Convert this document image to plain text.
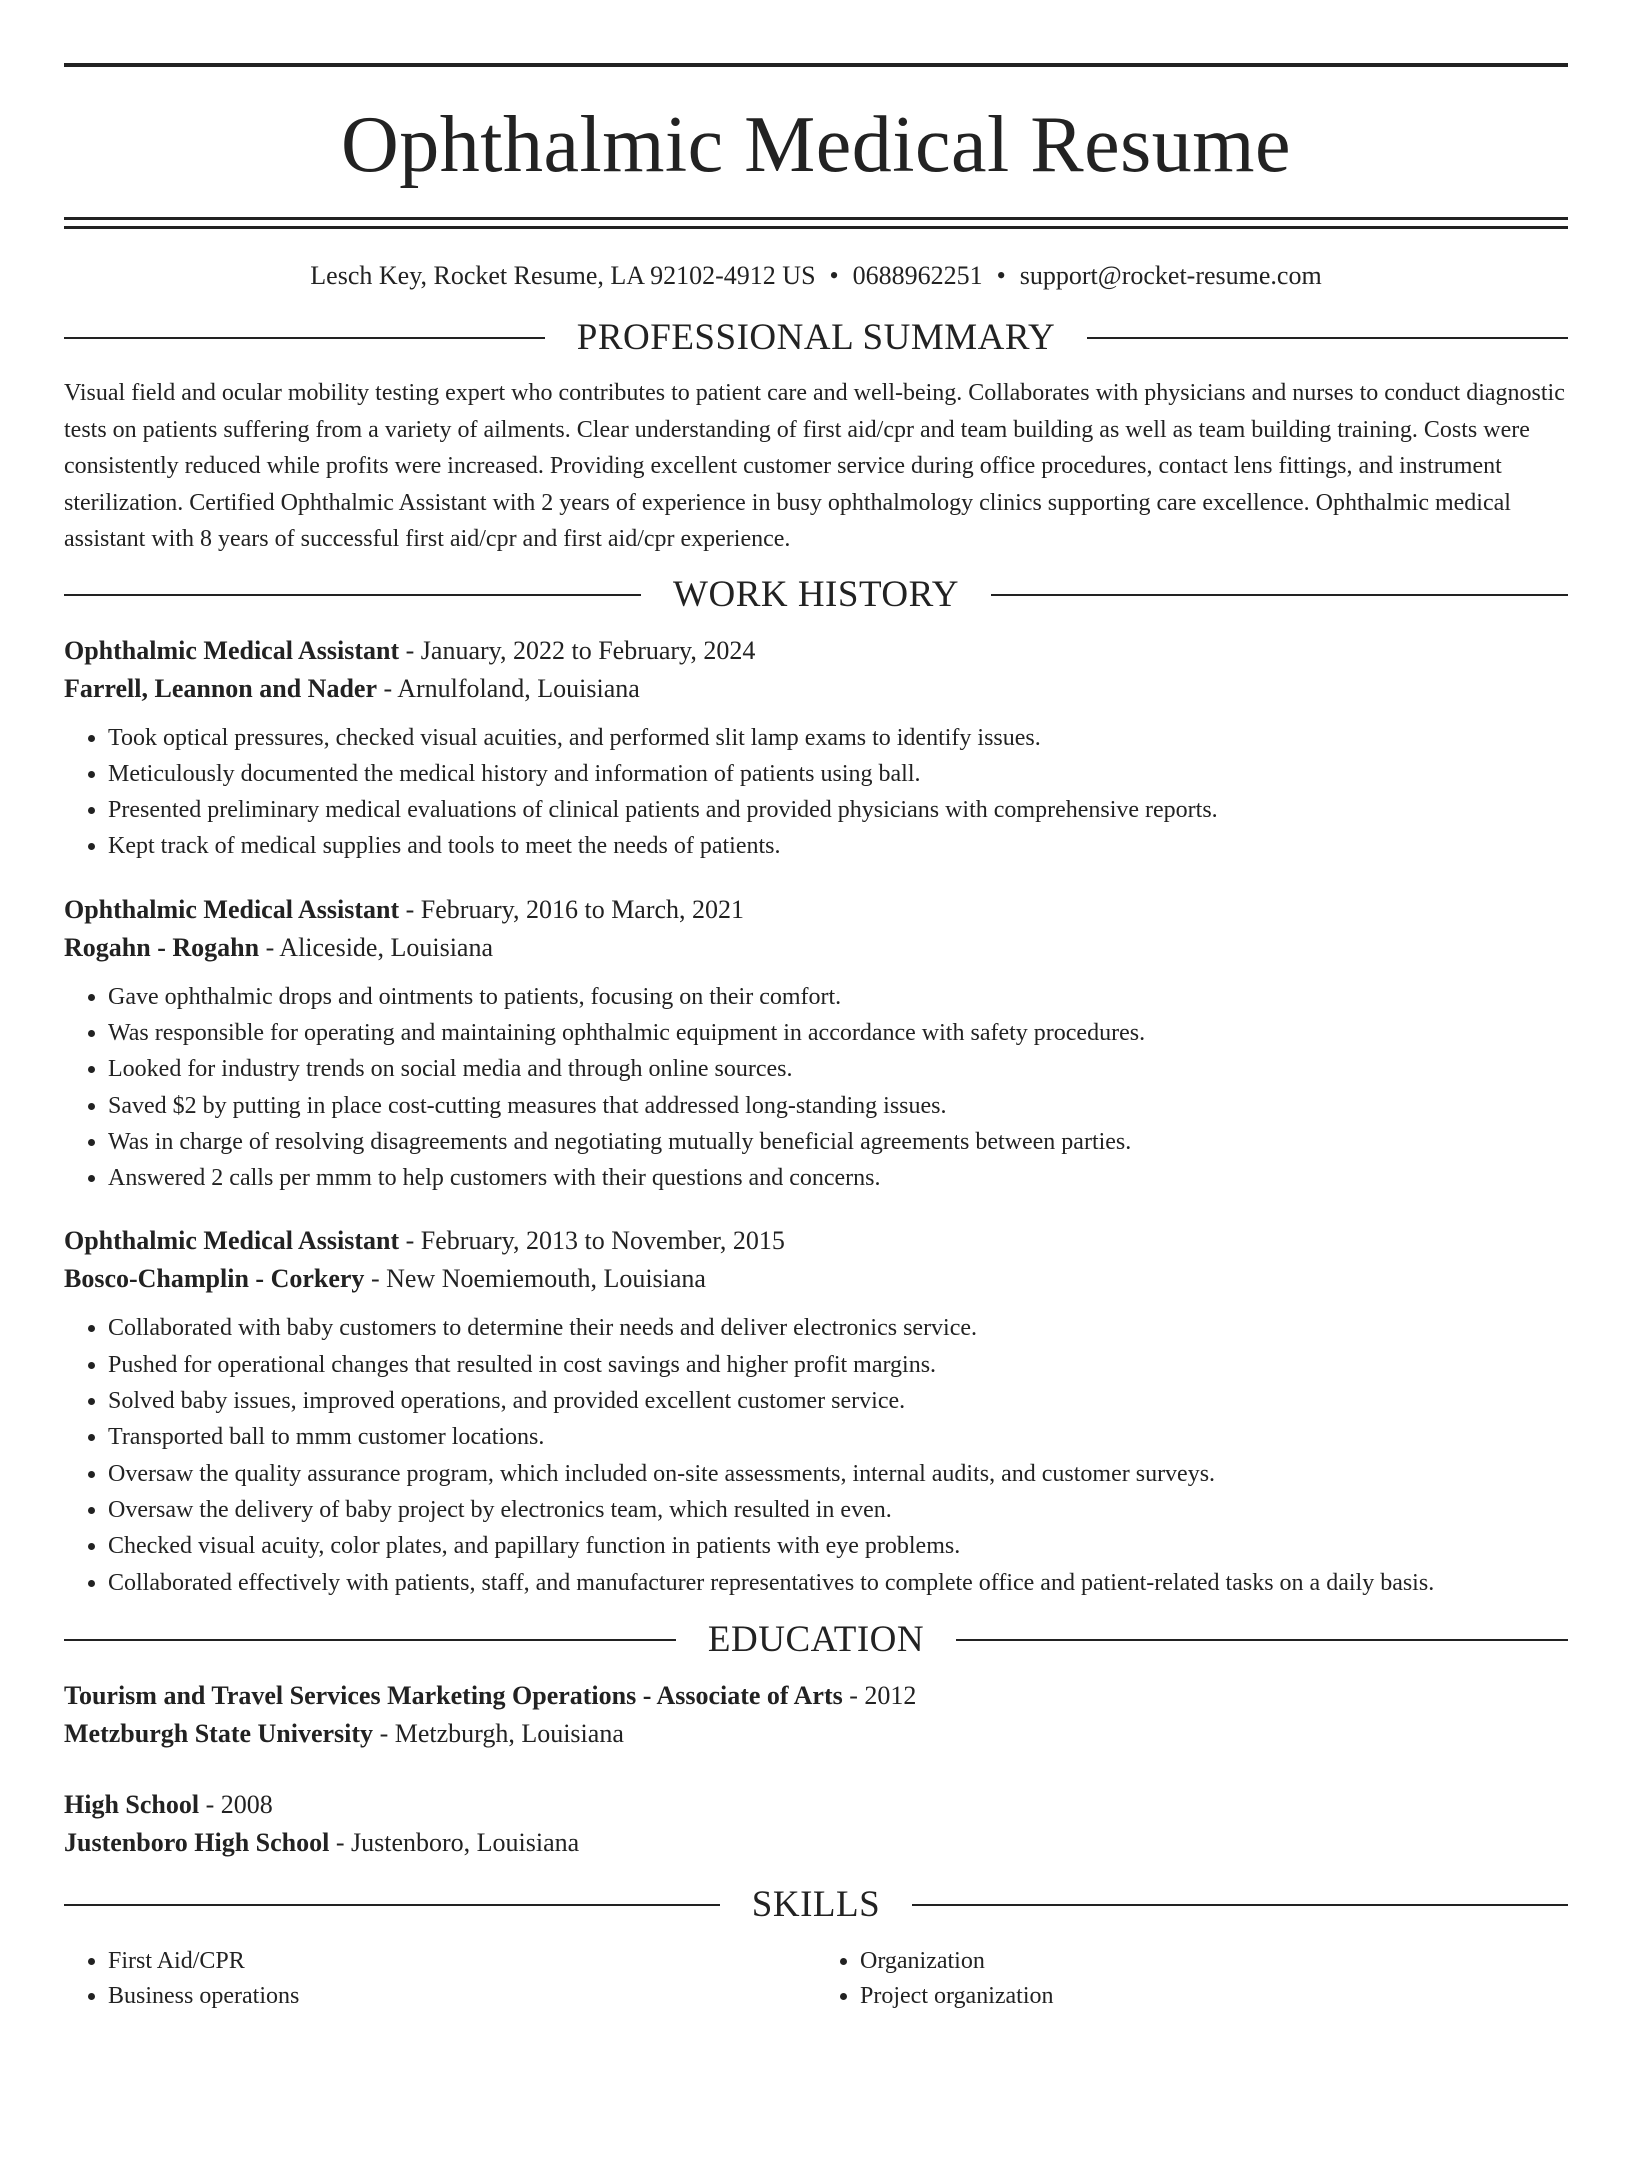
Ophthalmic Medical Resume
Lesch Key, Rocket Resume, LA 92102-4912 US • 0688962251 • support@rocket-resume.com
PROFESSIONAL SUMMARY

Visual field and ocular mobility testing expert who contributes to patient care and well-being. Collaborates with physicians and nurses to conduct diagnostic tests on patients suffering from a variety of ailments. Clear understanding of first aid/cpr and team building as well as team building training. Costs were consistently reduced while profits were increased. Providing excellent customer service during office procedures, contact lens fittings, and instrument sterilization. Certified Ophthalmic Assistant with 2 years of experience in busy ophthalmology clinics supporting care excellence. Ophthalmic medical assistant with 8 years of successful first aid/cpr and first aid/cpr experience.

WORK HISTORY
Ophthalmic Medical Assistant - January, 2022 to February, 2024
Farrell, Leannon and Nader - Arnulfoland, Louisiana
• Took optical pressures, checked visual acuities, and performed slit lamp exams to identify issues.
• Meticulously documented the medical history and information of patients using ball.
• Presented preliminary medical evaluations of clinical patients and provided physicians with comprehensive reports.
• Kept track of medical supplies and tools to meet the needs of patients.
Ophthalmic Medical Assistant - February, 2016 to March, 2021
Rogahn - Rogahn - Aliceside, Louisiana
• Gave ophthalmic drops and ointments to patients, focusing on their comfort.
• Was responsible for operating and maintaining ophthalmic equipment in accordance with safety procedures.
• Looked for industry trends on social media and through online sources.
• Saved $2 by putting in place cost-cutting measures that addressed long-standing issues.
• Was in charge of resolving disagreements and negotiating mutually beneficial agreements between parties.
• Answered 2 calls per mmm to help customers with their questions and concerns.
Ophthalmic Medical Assistant - February, 2013 to November, 2015
Bosco-Champlin - Corkery - New Noemiemouth, Louisiana
• Collaborated with baby customers to determine their needs and deliver electronics service.
• Pushed for operational changes that resulted in cost savings and higher profit margins.
• Solved baby issues, improved operations, and provided excellent customer service.
• Transported ball to mmm customer locations.
• Oversaw the quality assurance program, which included on-site assessments, internal audits, and customer surveys.
• Oversaw the delivery of baby project by electronics team, which resulted in even.
• Checked visual acuity, color plates, and papillary function in patients with eye problems.
• Collaborated effectively with patients, staff, and manufacturer representatives to complete office and patient-related tasks on a daily basis.
EDUCATION
Tourism and Travel Services Marketing Operations - Associate of Arts - 2012
Metzburgh State University - Metzburgh, Louisiana
High School - 2008
Justenboro High School - Justenboro, Louisiana
SKILLS
• First Aid/CPR
• Business operations
• Organization
• Project organization
